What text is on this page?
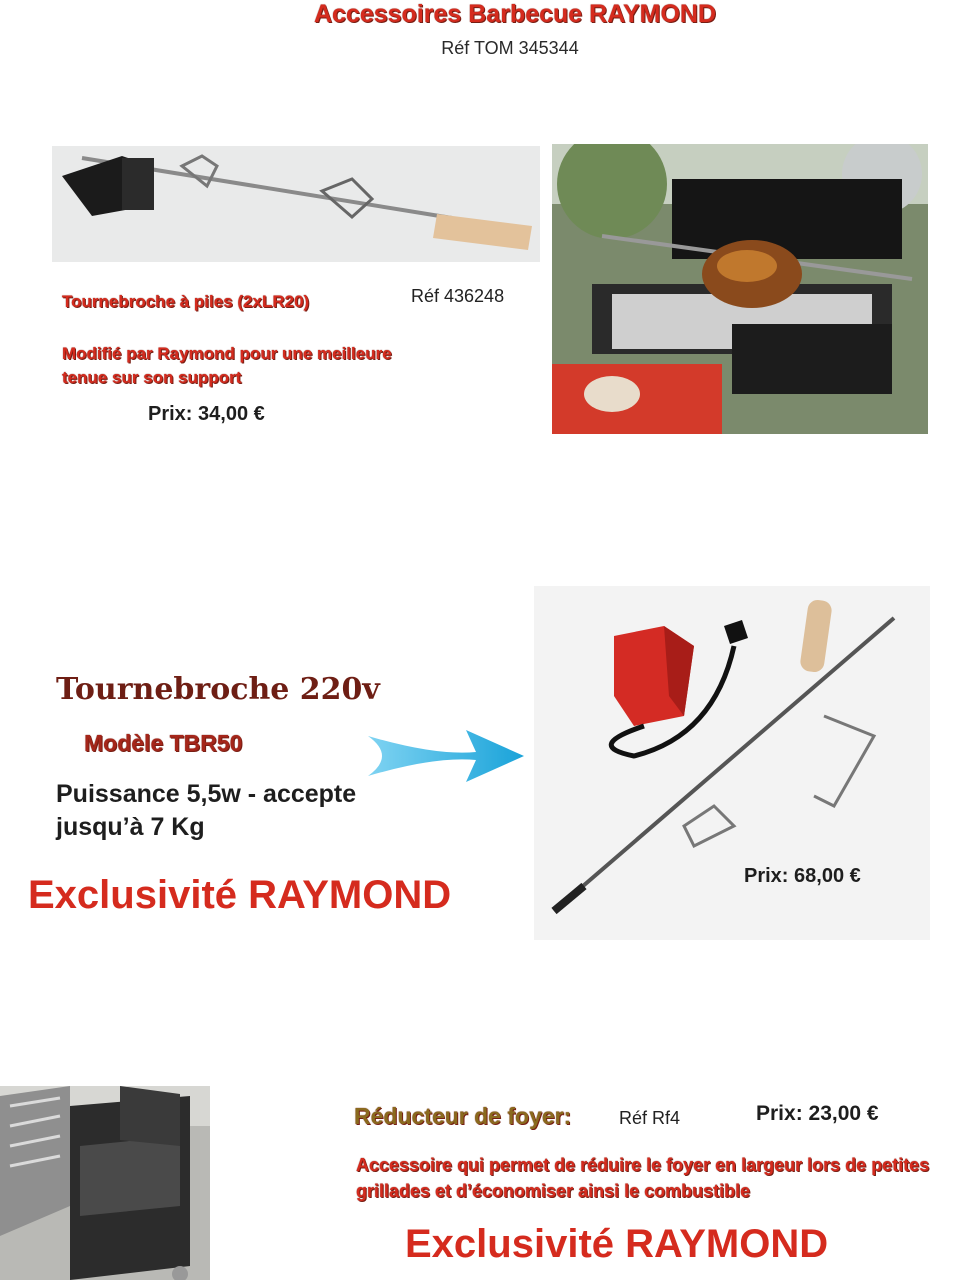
Accessoires Barbecue RAYMOND
Réf TOM 345344
Tournebroche à piles (2xLR20)	Réf 436248
Modifié par Raymond pour une meilleure tenue sur son support
Prix: 34,00 €
Tournebroche 220v
Modèle TBR50
Puissance 5,5w - accepte jusqu’à 7 Kg
Exclusivité RAYMOND	Prix: 68,00 €
Réducteur de foyer:	Réf Rf4	Prix: 23,00 €
Accessoire qui permet de réduire le foyer en largeur lors de petites grillades et d’économiser ainsi le combustible
Exclusivité RAYMOND
